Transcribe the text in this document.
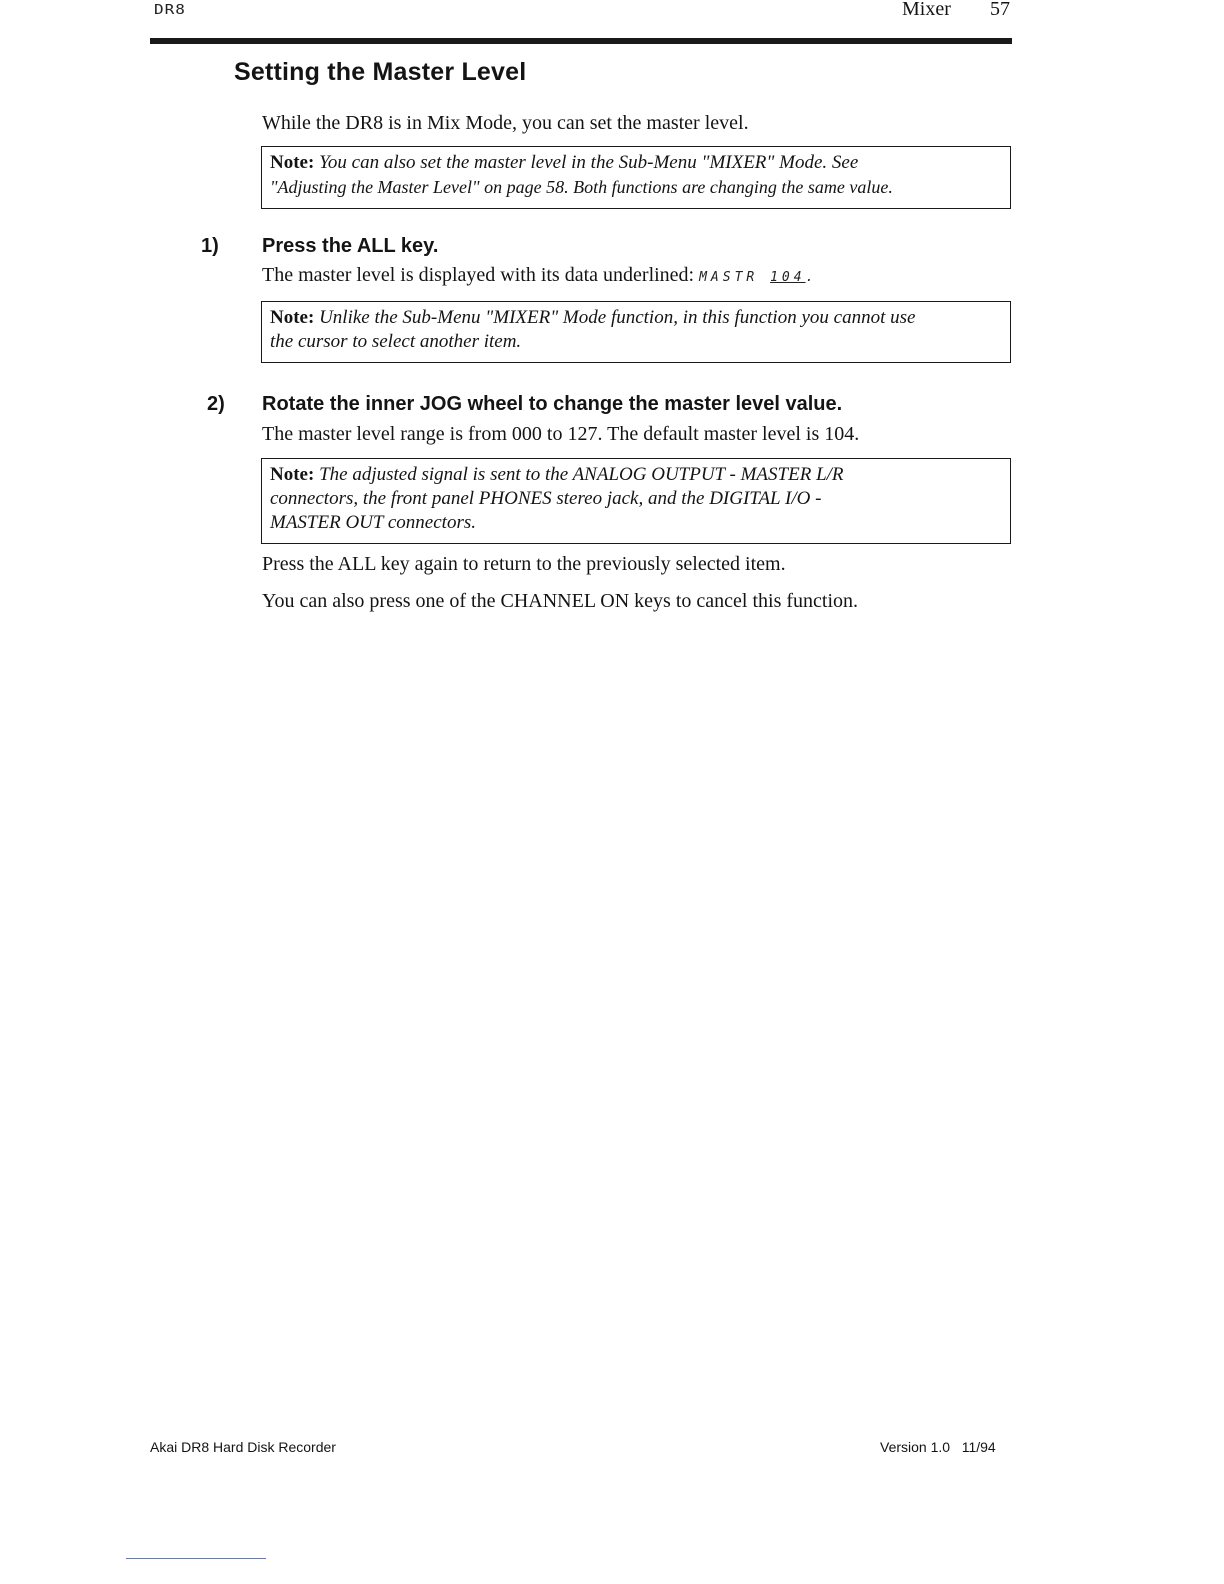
DR8	Mixer 57
Setting the Master Level
While the DR8 is in Mix Mode, you can set the master level.
Note: You can also set the master level in the Sub-Menu "MIXER" Mode. See
"Adjusting the Master Level" on page 58. Both functions are changing the same value.
1) Press the ALL key.
The master level is displayed with its data underlined: MASTR 104.
Note: Unlike the Sub-Menu "MIXER" Mode function, in this function you cannot use
the cursor to select another item.
2) Rotate the inner JOG wheel to change the master level value.
The master level range is from 000 to 127. The default master level is 104.
Note: The adjusted signal is sent to the ANALOG OUTPUT - MASTER L/R
connectors, the front panel PHONES stereo jack, and the DIGITAL I/O -
MASTER OUT connectors.
Press the ALL key again to return to the previously selected item.
You can also press one of the CHANNEL ON keys to cancel this function.
Akai DR8 Hard Disk Recorder	Version 1.0   11/94
